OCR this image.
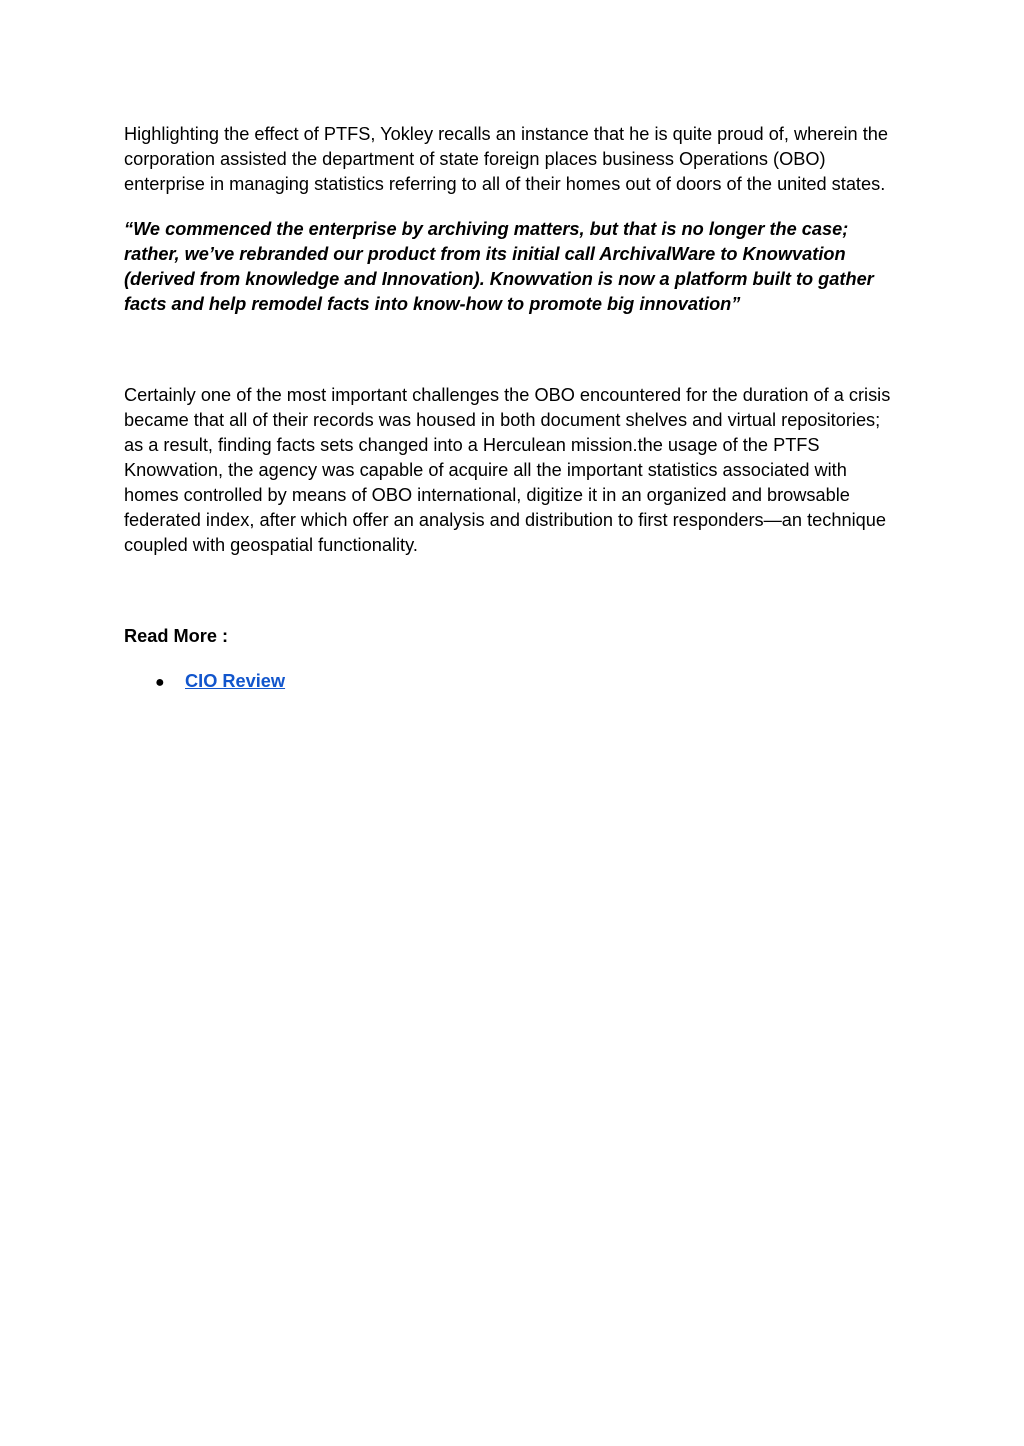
Highlighting the effect of PTFS, Yokley recalls an instance that he is quite proud of, wherein the corporation assisted the department of state foreign places business Operations (OBO) enterprise in managing statistics referring to all of their homes out of doors of the united states.

“We commenced the enterprise by archiving matters, but that is no longer the case; rather, we’ve rebranded our product from its initial call ArchivalWare to Knowvation (derived from knowledge and Innovation). Knowvation is now a platform built to gather facts and help remodel facts into know-how to promote big innovation”

Certainly one of the most important challenges the OBO encountered for the duration of a crisis became that all of their records was housed in both document shelves and virtual repositories; as a result, finding facts sets changed into a Herculean mission.the usage of the PTFS Knowvation, the agency was capable of acquire all the important statistics associated with homes controlled by means of OBO international, digitize it in an organized and browsable federated index, after which offer an analysis and distribution to first responders—an technique coupled with geospatial functionality.

Read More :

●	CIO Review
